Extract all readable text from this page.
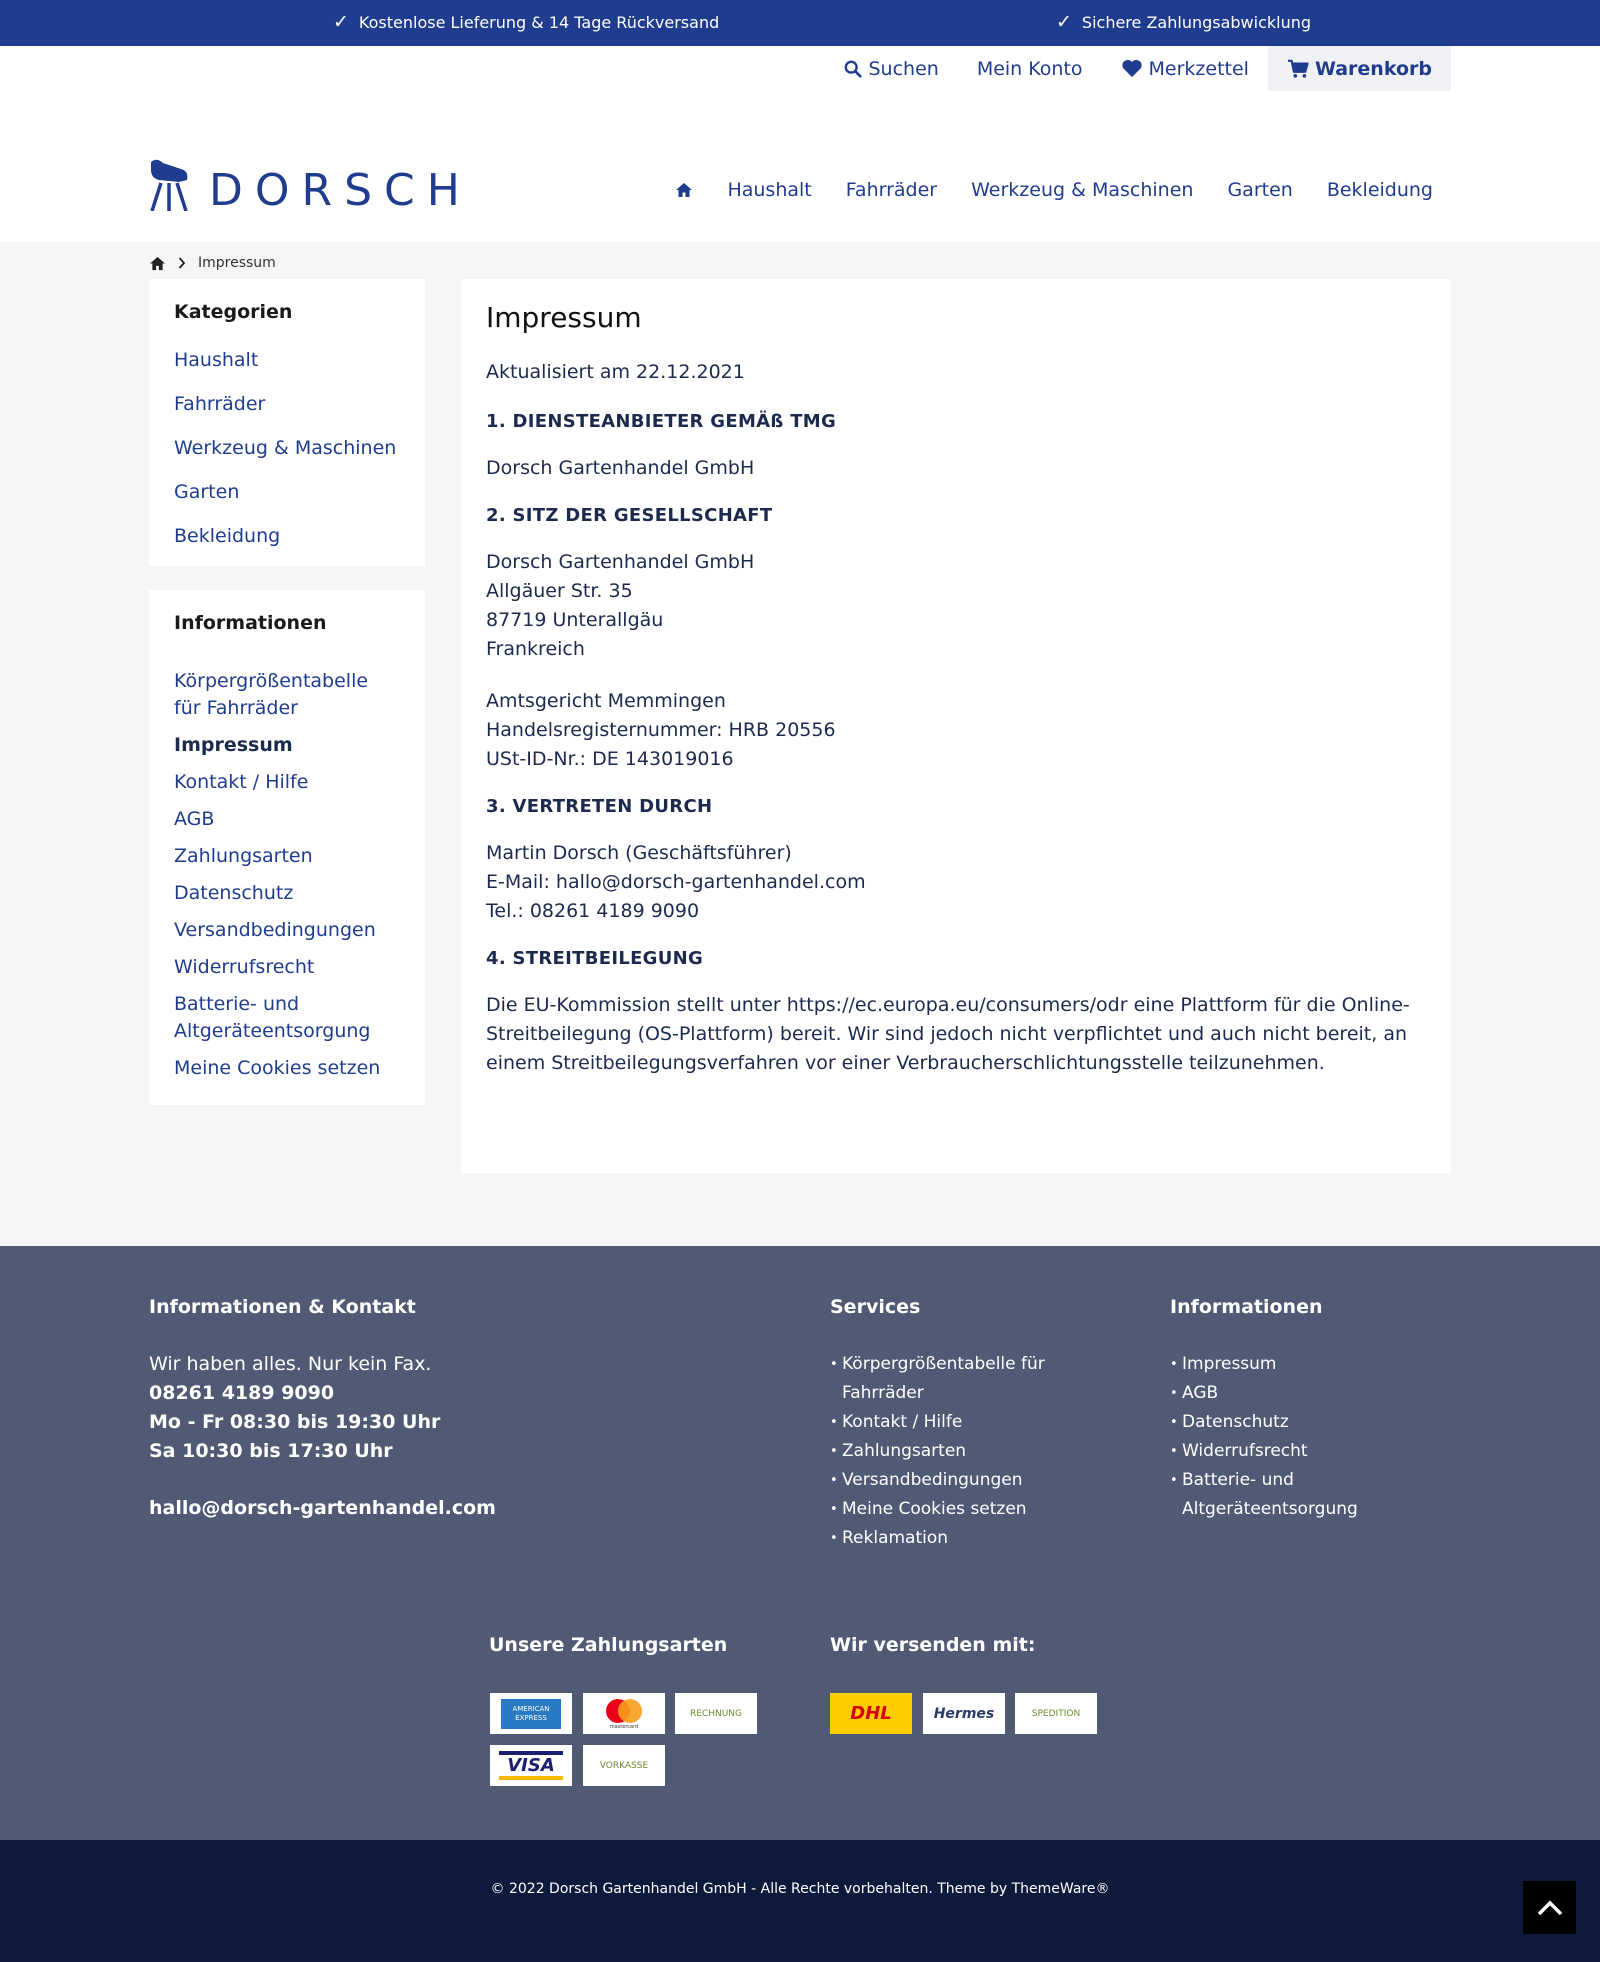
✓ Kostenlose Lieferung & 14 Tage Rückversand	✓ Sichere Zahlungsabwicklung
Suchen Mein Konto	Merkzettel	Warenkorb
DORSCH	Haushalt Fahrräder Werkzeug & Maschinen Garten Bekleidung
Impressum
Kategorien
Haushalt
Fahrräder
Werkzeug & Maschinen
Garten
Bekleidung
Informationen
Körpergrößentabelle für Fahrräder
Impressum
Kontakt / Hilfe
AGB
Zahlungsarten
Datenschutz
Versandbedingungen
Widerrufsrecht
Batterie- und Altgeräteentsorgung
Meine Cookies setzen
Impressum

Aktualisiert am 22.12.2021

1. DIENSTEANBIETER GEMÄß TMG

Dorsch Gartenhandel GmbH

2. SITZ DER GESELLSCHAFT

Dorsch Gartenhandel GmbH

Allgäuer Str. 35

87719 Unterallgäu

Frankreich

Amtsgericht Memmingen

Handelsregisternummer: HRB 20556

USt-ID-Nr.: DE 143019016

3. VERTRETEN DURCH

Martin Dorsch (Geschäftsführer)

E-Mail: hallo@dorsch-gartenhandel.com

Tel.: 08261 4189 9090

4. STREITBEILEGUNG

Die EU-Kommission stellt unter https://ec.europa.eu/consumers/odr eine Plattform für die Online-Streitbeilegung (OS-Plattform) bereit. Wir sind jedoch nicht verpflichtet und auch nicht bereit, an einem Streitbeilegungsverfahren vor einer Verbraucherschlichtungsstelle teilzunehmen.

Informationen & Kontakt
Wir haben alles. Nur kein Fax.
08261 4189 9090
Mo - Fr 08:30 bis 19:30 Uhr
Sa 10:30 bis 17:30 Uhr
hallo@dorsch-gartenhandel.com
Services
• Körpergrößentabelle für Fahrräder
• Kontakt / Hilfe
• Zahlungsarten
• Versandbedingungen
• Meine Cookies setzen
• Reklamation
Informationen
• Impressum
• AGB
• Datenschutz
• Widerrufsrecht
• Batterie- und Altgeräteentsorgung
Unsere Zahlungsarten
AMERICAN EXPRESS
mastercard
RECHNUNG
VISA	VORKASSE
Wir versenden mit:
DHL	Hermes	SPEDITION
© 2022 Dorsch Gartenhandel GmbH - Alle Rechte vorbehalten. Theme by ThemeWare®
